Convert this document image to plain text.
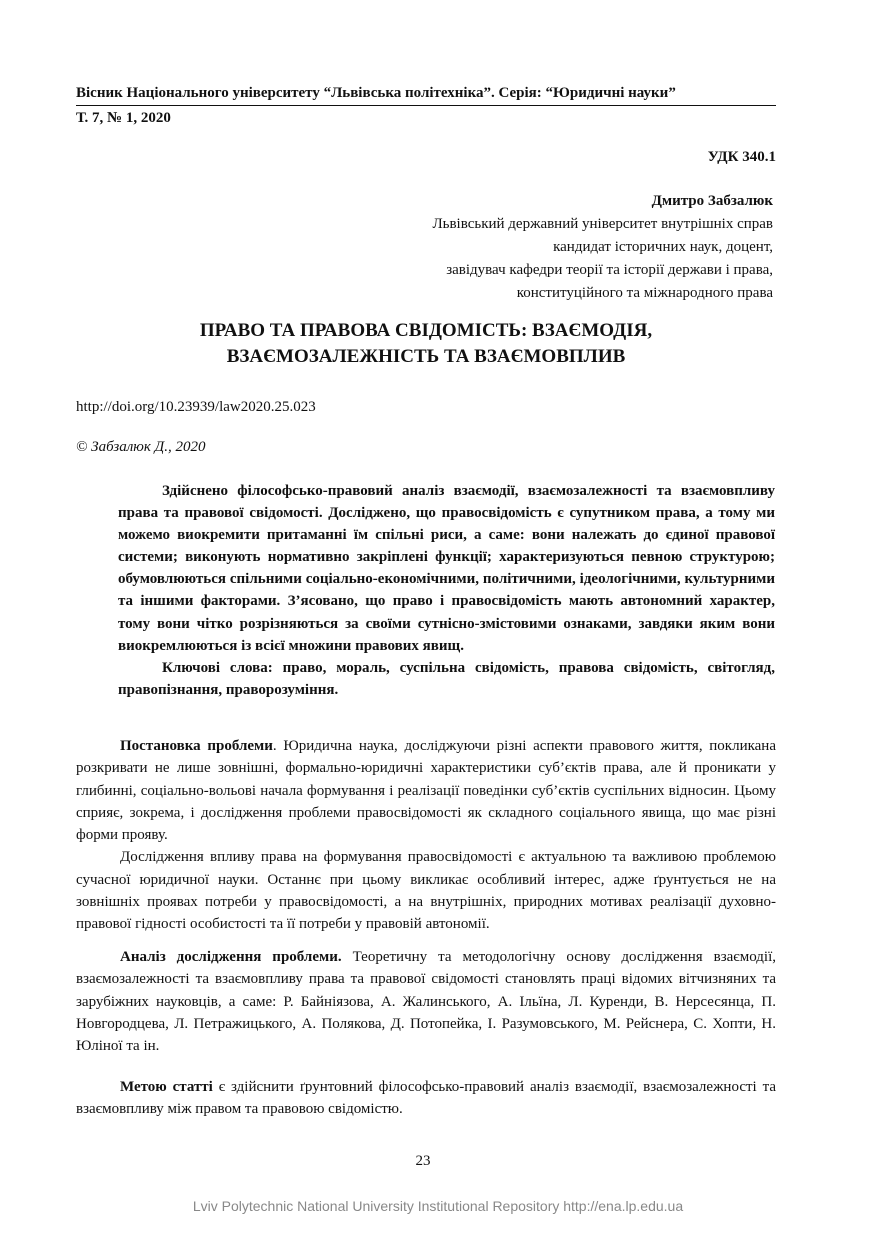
Вісник Національного університету “Львівська політехніка”. Серія: “Юридичні науки”
Т. 7, № 1, 2020
УДК 340.1
Дмитро Забзалюк
Львівський державний університет внутрішніх справ
кандидат історичних наук, доцент,
завідувач кафедри теорії та історії держави і права,
конституційного та міжнародного права
ПРАВО ТА ПРАВОВА СВІДОМІСТЬ: ВЗАЄМОДІЯ,
ВЗАЄМОЗАЛЕЖНІСТЬ ТА ВЗАЄМОВПЛИВ
http://doi.org/10.23939/law2020.25.023
© Забзалюк Д., 2020

Здійснено філософсько-правовий аналіз взаємодії, взаємозалежності та взаємовпливу права та правової свідомості. Досліджено, що правосвідомість є супутником права, а тому ми можемо виокремити притаманні їм спільні риси, а саме: вони належать до єдиної правової системи; виконують нормативно закріплені функції; характеризуються певною структурою; обумовлюються спільними соціально-економічними, політичними, ідеологічними, культурними та іншими факторами. З’ясовано, що право і правосвідомість мають автономний характер, тому вони чітко розрізняються за своїми сутнісно-змістовими ознаками, завдяки яким вони виокремлюються із всієї множини правових явищ.

Ключові слова: право, мораль, суспільна свідомість, правова свідомість, світогляд, правопізнання, праворозуміння.

Постановка проблеми. Юридична наука, досліджуючи різні аспекти правового життя, покликана розкривати не лише зовнішні, формально-юридичні характеристики суб’єктів права, але й проникати у глибинні, соціально-вольові начала формування і реалізації поведінки суб’єктів суспільних відносин. Цьому сприяє, зокрема, і дослідження проблеми правосвідомості як складного соціального явища, що має різні форми прояву.

Дослідження впливу права на формування правосвідомості є актуальною та важливою проблемою сучасної юридичної науки. Останнє при цьому викликає особливий інтерес, адже ґрунтується не на зовнішніх проявах потреби у правосвідомості, а на внутрішніх, природних мотивах реалізації духовно-правової гідності особистості та її потреби у правовій автономії.

Аналіз дослідження проблеми. Теоретичну та методологічну основу дослідження взаємодії, взаємозалежності та взаємовпливу права та правової свідомості становлять праці відомих вітчизняних та зарубіжних науковців, а саме: Р. Байніязова, А. Жалинського, А. Ільїна, Л. Куренди, В. Нерсесянца, П. Новгородцева, Л. Петражицького, А. Полякова, Д. Потопейка, І. Разумовського, М. Рейснера, С. Хопти, Н. Юліної та ін.

Метою статті є здійснити ґрунтовний філософсько-правовий аналіз взаємодії, взаємозалежності та взаємовпливу між правом та правовою свідомістю.

23
Lviv Polytechnic National University Institutional Repository http://ena.lp.edu.ua
